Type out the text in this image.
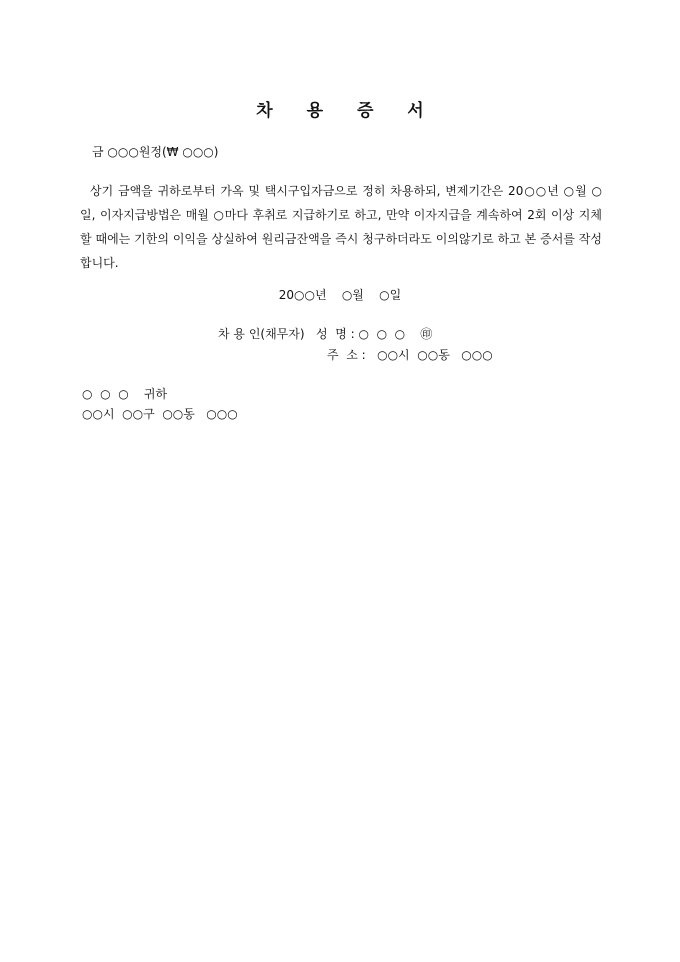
차 용 증 서
금 ○○○원정(₩ ○○○)
상기 금액을 귀하로부터 가옥 및 택시구입자금으로 정히 차용하되, 변제기간은 20○○년 ○월 ○일, 이자지급방법은 매월 ○마다 후취로 지급하기로 하고, 만약 이자지급을 계속하여 2회 이상 지체할 때에는 기한의 이익을 상실하여 원리금잔액을 즉시 청구하더라도 이의않기로 하고 본 증서를 작성합니다.
20○○년    ○월    ○일
차 용 인(채무자)   성  명 : ○  ○  ○    ㊞
주  소 :   ○○시  ○○동   ○○○
○  ○  ○    귀하
○○시  ○○구  ○○동   ○○○
